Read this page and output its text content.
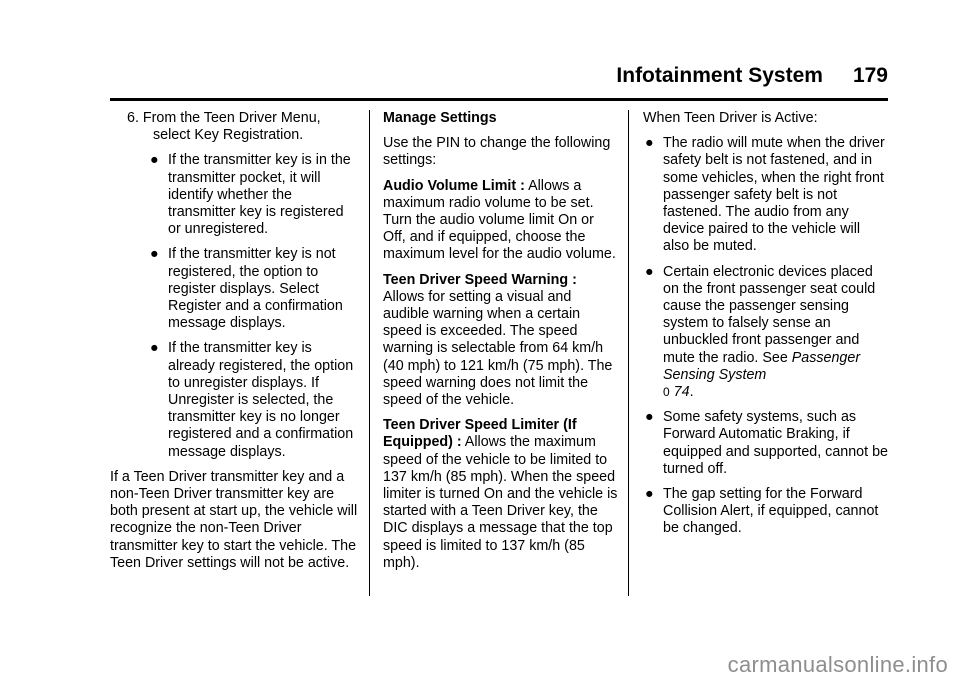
Infotainment System 179

6. From the Teen Driver Menu, select Key Registration.

● If the transmitter key is in the transmitter pocket, it will identify whether the transmitter key is registered or unregistered.
● If the transmitter key is not registered, the option to register displays. Select Register and a confirmation message displays.
● If the transmitter key is already registered, the option to unregister displays. If Unregister is selected, the transmitter key is no longer registered and a confirmation message displays.

If a Teen Driver transmitter key and a non-Teen Driver transmitter key are both present at start up, the vehicle will recognize the non-Teen Driver transmitter key to start the vehicle. The Teen Driver settings will not be active.

Manage Settings

Use the PIN to change the following settings:

Audio Volume Limit : Allows a maximum radio volume to be set. Turn the audio volume limit On or Off, and if equipped, choose the maximum level for the audio volume.

Teen Driver Speed Warning : Allows for setting a visual and audible warning when a certain speed is exceeded. The speed warning is selectable from 64 km/h (40 mph) to 121 km/h (75 mph). The speed warning does not limit the speed of the vehicle.

Teen Driver Speed Limiter (If Equipped) : Allows the maximum speed of the vehicle to be limited to 137 km/h (85 mph). When the speed limiter is turned On and the vehicle is started with a Teen Driver key, the DIC displays a message that the top speed is limited to 137 km/h (85 mph).

When Teen Driver is Active:

● The radio will mute when the driver safety belt is not fastened, and in some vehicles, when the right front passenger safety belt is not fastened. The audio from any device paired to the vehicle will also be muted.
● Certain electronic devices placed on the front passenger seat could cause the passenger sensing system to falsely sense an unbuckled front passenger and mute the radio. See Passenger Sensing System
0 74.
● Some safety systems, such as Forward Automatic Braking, if equipped and supported, cannot be turned off.
● The gap setting for the Forward Collision Alert, if equipped, cannot be changed.
carmanualsonline.info
